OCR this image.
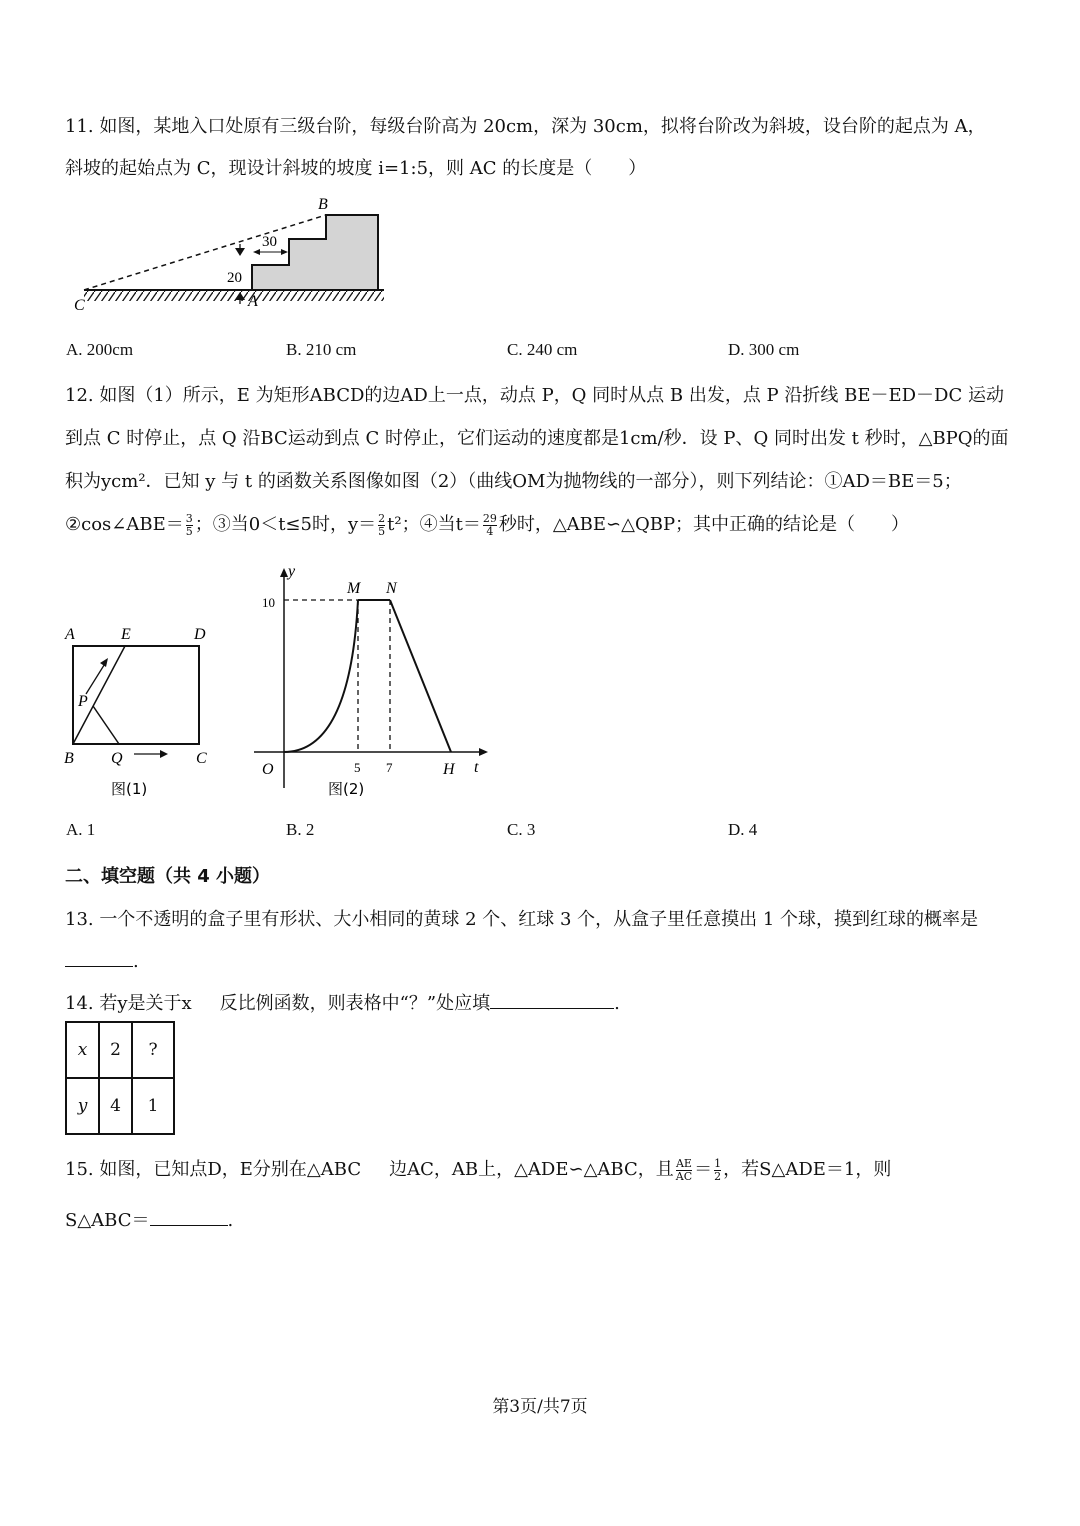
11. 如图，某地入口处原有三级台阶，每级台阶高为 20cm，深为 30cm，拟将台阶改为斜坡，设台阶的起点为 A，
斜坡的起始点为 C，现设计斜坡的坡度 i=1:5，则 AC 的长度是（　　）
B
C	A
30
20
A. 200cm	B. 210 cm	C. 240 cm	D. 300 cm
12. 如图（1）所示，E 为矩形ABCD的边AD上一点，动点 P，Q 同时从点 B 出发，点 P 沿折线 BE－ED－DC 运动
到点 C 时停止，点 Q 沿BC运动到点 C 时停止，它们运动的速度都是1cm/秒．设 P、Q 同时出发 t 秒时，△BPQ的面
积为ycm²．已知 y 与 t 的函数关系图像如图（2）（曲线OM为抛物线的一部分），则下列结论：①AD＝BE＝5；
②cos∠ABE＝ $\frac{3}{5}$ ；③当0＜t≤5时，$y= \frac{2}{5} t^2$；④当$t= \frac{29}{4}$ 秒时，△ABE∽△QBP；其中正确的结论是（　　）
A	E	D
P
B Q	C
图(1)
y
t
M N
O	H
10
5 7
图(2)
A. 1	B. 2	C. 3	D. 4
二、填空题（共 4 小题）
13. 一个不透明的盒子里有形状、大小相同的黄球 2 个、红球 3 个，从盒子里任意摸出 1 个球，摸到红球的概率是
.
14. 若y是关于x 反比例函数，则表格中“？”处应填	.
x	2	?
y	4	1
15. 如图，已知点D，E分别在△ABC 边AC，AB上，△ADE∽△ABC，且 $\frac{AE}{AC} = \frac{1}{2}$ ，若S△ADE＝1，则
S△ABC＝	.
第3页/共7页
